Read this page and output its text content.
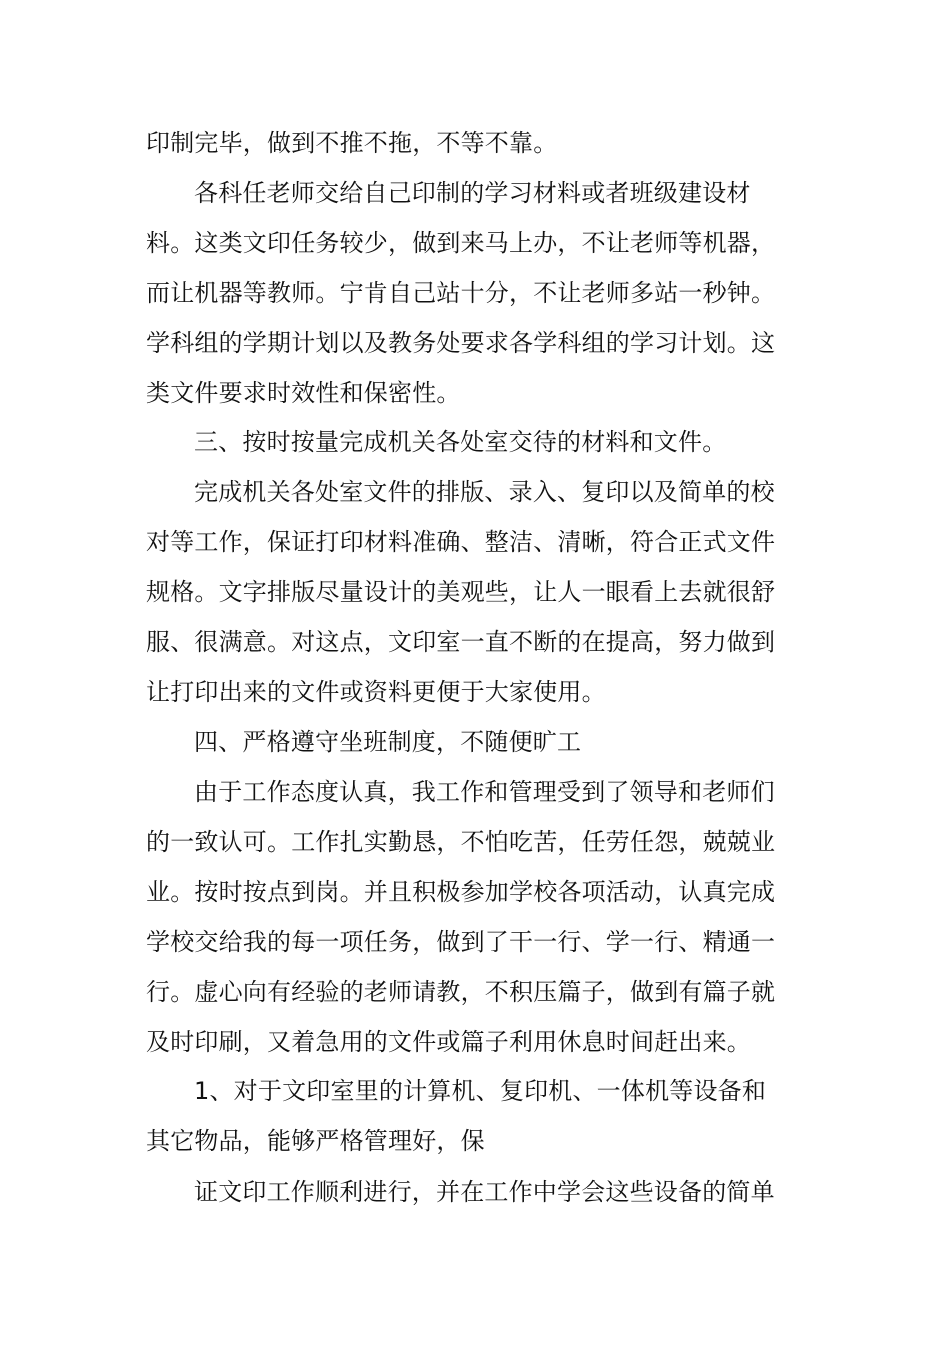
印制完毕，做到不推不拖，不等不靠。
各科任老师交给自己印制的学习材料或者班级建设材
料。这类文印任务较少，做到来马上办，不让老师等机器，
而让机器等教师。宁肯自己站十分，不让老师多站一秒钟。
学科组的学期计划以及教务处要求各学科组的学习计划。这
类文件要求时效性和保密性。
三、按时按量完成机关各处室交待的材料和文件。
完成机关各处室文件的排版、录入、复印以及简单的校
对等工作，保证打印材料准确、整洁、清晰，符合正式文件
规格。文字排版尽量设计的美观些，让人一眼看上去就很舒
服、很满意。对这点，文印室一直不断的在提高，努力做到
让打印出来的文件或资料更便于大家使用。
四、严格遵守坐班制度，不随便旷工
由于工作态度认真，我工作和管理受到了领导和老师们
的一致认可。工作扎实勤恳，不怕吃苦，任劳任怨，兢兢业
业。按时按点到岗。并且积极参加学校各项活动，认真完成
学校交给我的每一项任务，做到了干一行、学一行、精通一
行。虚心向有经验的老师请教，不积压篇子，做到有篇子就
及时印刷，又着急用的文件或篇子利用休息时间赶出来。
1、对于文印室里的计算机、复印机、一体机等设备和
其它物品，能够严格管理好，保
证文印工作顺利进行，并在工作中学会这些设备的简单
